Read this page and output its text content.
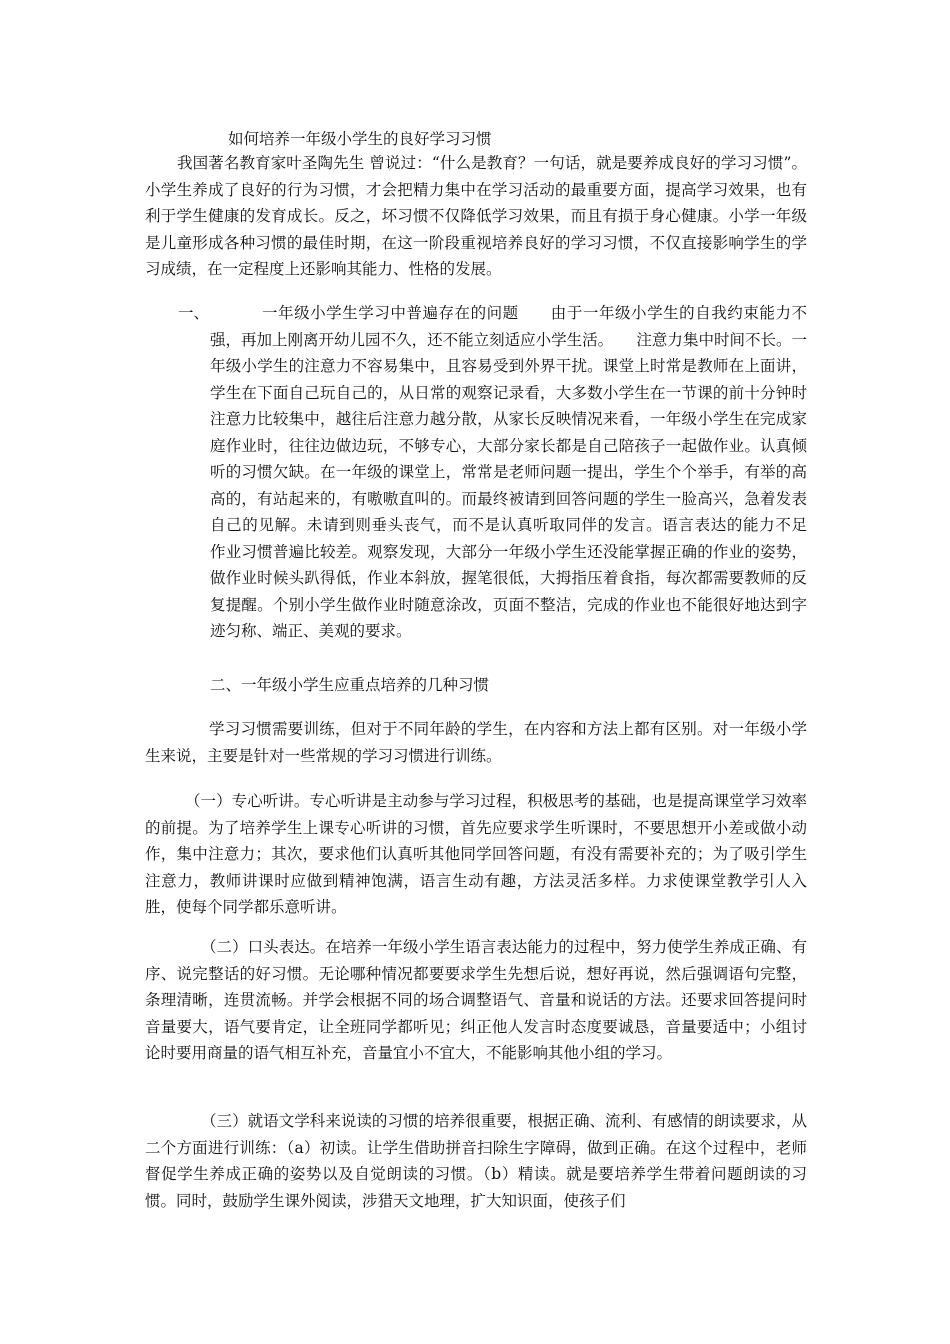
如何培养一年级小学生的良好学习习惯

我国著名教育家叶圣陶先生 曾说过：“什么是教育？一句话，就是要养成良好的学习习惯”。小学生养成了良好的行为习惯，才会把精力集中在学习活动的最重要方面，提高学习效果，也有利于学生健康的发育成长。反之，坏习惯不仅降低学习效果，而且有损于身心健康。小学一年级是儿童形成各种习惯的最佳时期，在这一阶段重视培养良好的学习习惯，不仅直接影响学生的学习成绩，在一定程度上还影响其能力、性格的发展。

一、	一年级小学生学习中普遍存在的问题　　由于一年级小学生的自我约束能力不强，再加上刚离开幼儿园不久，还不能立刻适应小学生活。　　注意力集中时间不长。一年级小学生的注意力不容易集中，且容易受到外界干扰。课堂上时常是教师在上面讲，学生在下面自己玩自己的，从日常的观察记录看，大多数小学生在一节课的前十分钟时注意力比较集中，越往后注意力越分散，从家长反映情况来看，一年级小学生在完成家庭作业时，往往边做边玩，不够专心，大部分家长都是自己陪孩子一起做作业。认真倾听的习惯欠缺。在一年级的课堂上，常常是老师问题一提出，学生个个举手，有举的高高的，有站起来的，有嗷嗷直叫的。而最终被请到回答问题的学生一脸高兴，急着发表自己的见解。未请到则垂头丧气，而不是认真听取同伴的发言。语言表达的能力不足　作业习惯普遍比较差。观察发现，大部分一年级小学生还没能掌握正确的作业的姿势，做作业时候头趴得低，作业本斜放，握笔很低，大拇指压着食指，每次都需要教师的反复提醒。个别小学生做作业时随意涂改，页面不整洁，完成的作业也不能很好地达到字迹匀称、端正、美观的要求。

二、一年级小学生应重点培养的几种习惯

学习习惯需要训练，但对于不同年龄的学生，在内容和方法上都有区别。对一年级小学生来说，主要是针对一些常规的学习习惯进行训练。

（一）专心听讲。专心听讲是主动参与学习过程，积极思考的基础，也是提高课堂学习效率的前提。为了培养学生上课专心听讲的习惯，首先应要求学生听课时，不要思想开小差或做小动作，集中注意力；其次，要求他们认真听其他同学回答问题，有没有需要补充的；为了吸引学生注意力，教师讲课时应做到精神饱满，语言生动有趣，方法灵活多样。力求使课堂教学引人入胜，使每个同学都乐意听讲。

（二）口头表达。在培养一年级小学生语言表达能力的过程中，努力使学生养成正确、有序、说完整话的好习惯。无论哪种情况都要要求学生先想后说，想好再说，然后强调语句完整，条理清晰，连贯流畅。并学会根据不同的场合调整语气、音量和说话的方法。还要求回答提问时音量要大，语气要肯定，让全班同学都听见；纠正他人发言时态度要诚恳，音量要适中；小组讨论时要用商量的语气相互补充，音量宜小不宜大，不能影响其他小组的学习。

（三）就语文学科来说读的习惯的培养很重要，根据正确、流利、有感情的朗读要求，从二个方面进行训练：（a）初读。让学生借助拼音扫除生字障碍，做到正确。在这个过程中，老师督促学生养成正确的姿势以及自觉朗读的习惯。（b）精读。就是要培养学生带着问题朗读的习惯。同时，鼓励学生课外阅读，涉猎天文地理，扩大知识面，使孩子们
